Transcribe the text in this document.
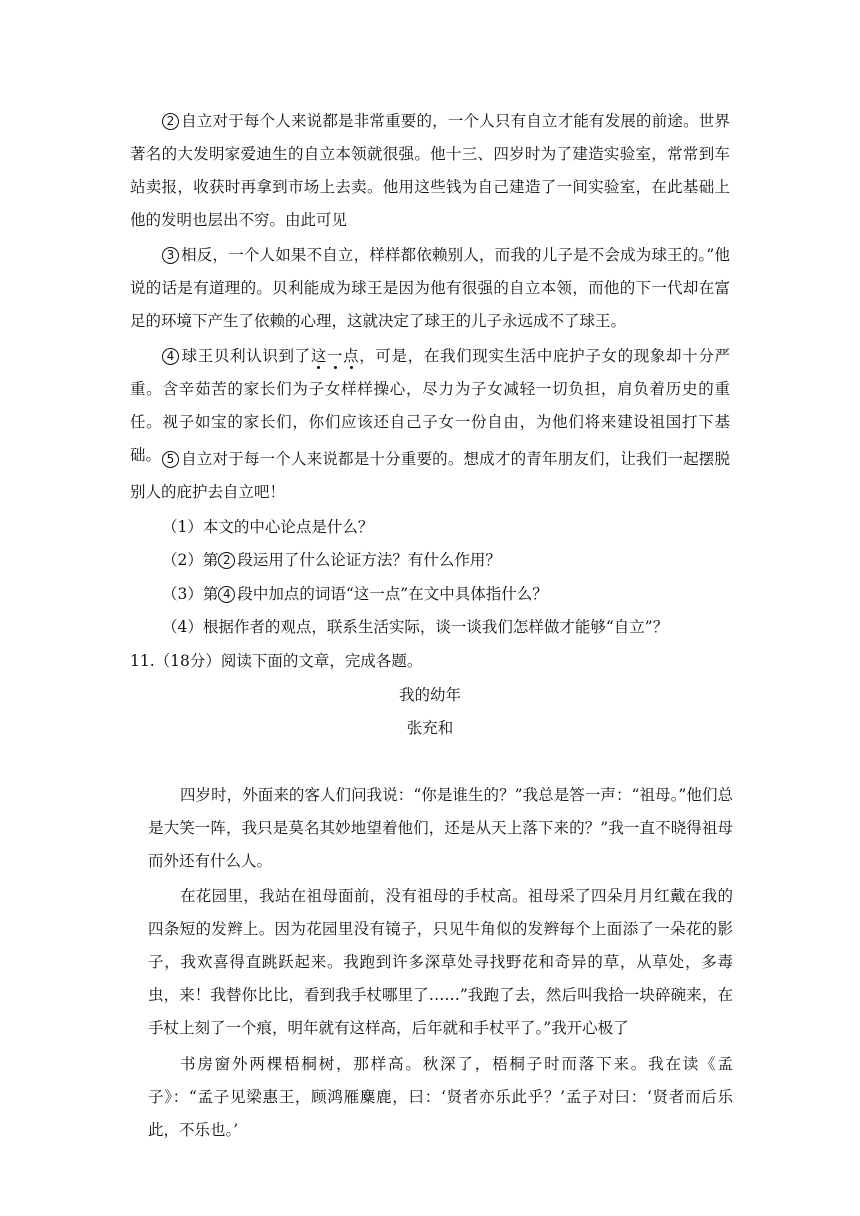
2 自立对于每个人来说都是非常重要的，一个人只有自立才能有发展的前途。世界著名的大发明家爱迪生的自立本领就很强。他十三、四岁时为了建造实验室，常常到车站卖报，收获时再拿到市场上去卖。他用这些钱为自己建造了一间实验室，在此基础上他的发明也层出不穷。由此可见
3 相反，一个人如果不自立，样样都依赖别人，而我的儿子是不会成为球王的。”他说的话是有道理的。贝利能成为球王是因为他有很强的自立本领，而他的下一代却在富足的环境下产生了依赖的心理，这就决定了球王的儿子永远成不了球王。
4 球王贝利认识到了这一点，可是，在我们现实生活中庇护子女的现象却十分严重。含辛茹苦的家长们为子女样样操心，尽力为子女减轻一切负担，肩负着历史的重任。视子如宝的家长们，你们应该还自己子女一份自由，为他们将来建设祖国打下基础。 5 自立对于每一个人来说都是十分重要的。想成才的青年朋友们，让我们一起摆脱别人的庇护去自立吧！
（1）本文的中心论点是什么？
（2）第 2 段运用了什么论证方法？有什么作用？
（3）第 4 段中加点的词语“这一点”在文中具体指什么？
（4）根据作者的观点，联系生活实际，谈一谈我们怎样做才能够“自立”？
11.（18分）阅读下面的文章，完成各题。
我的幼年
张充和
四岁时，外面来的客人们问我说：“你是谁生的？”我总是答一声：“祖母。”他们总是大笑一阵，我只是莫名其妙地望着他们，还是从天上落下来的？”我一直不晓得祖母而外还有什么人。
在花园里，我站在祖母面前，没有祖母的手杖高。祖母采了四朵月月红戴在我的四条短的发辫上。因为花园里没有镜子，只见牛角似的发辫每个上面添了一朵花的影子，我欢喜得直跳跃起来。我跑到许多深草处寻找野花和奇异的草，从草处，多毒虫，来！我替你比比，看到我手杖哪里了……”我跑了去，然后叫我拾一块碎碗来，在手杖上刻了一个痕，明年就有这样高，后年就和手杖平了。”我开心极了
书房窗外两棵梧桐树，那样高。秋深了，梧桐子时而落下来。我在读《孟子》：“孟子见梁惠王，顾鸿雁麋鹿，曰：‘贤者亦乐此乎？’孟子对曰：‘贤者而后乐此，不乐也。’
